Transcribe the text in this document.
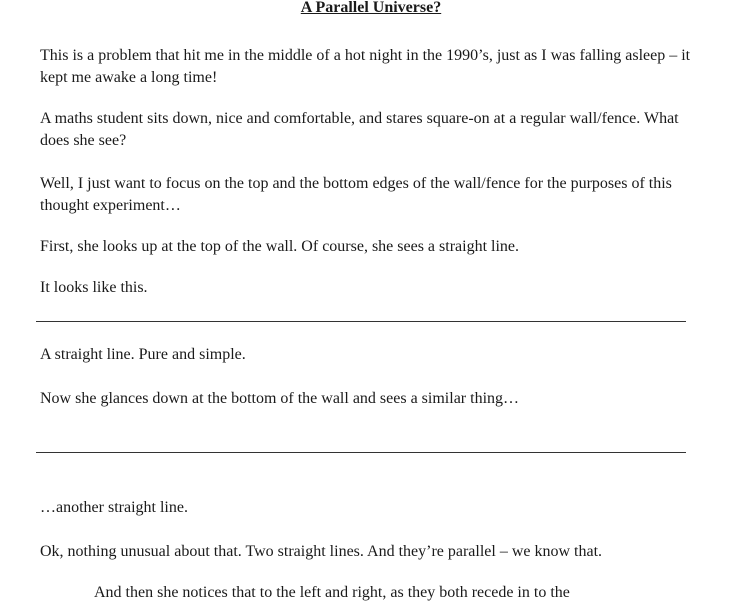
A Parallel Universe?

This is a problem that hit me in the middle of a hot night in the 1990’s, just as I was falling asleep – it kept me awake a long time!

A maths student sits down, nice and comfortable, and stares square-on at a regular wall/fence. What does she see?

Well, I just want to focus on the top and the bottom edges of the wall/fence for the purposes of this thought experiment…

First, she looks up at the top of the wall. Of course, she sees a straight line.

It looks like this.

A straight line. Pure and simple.

Now she glances down at the bottom of the wall and sees a similar thing…

…another straight line.

Ok, nothing unusual about that. Two straight lines. And they’re parallel – we know that.

And then she notices that to the left and right, as they both recede in to the
